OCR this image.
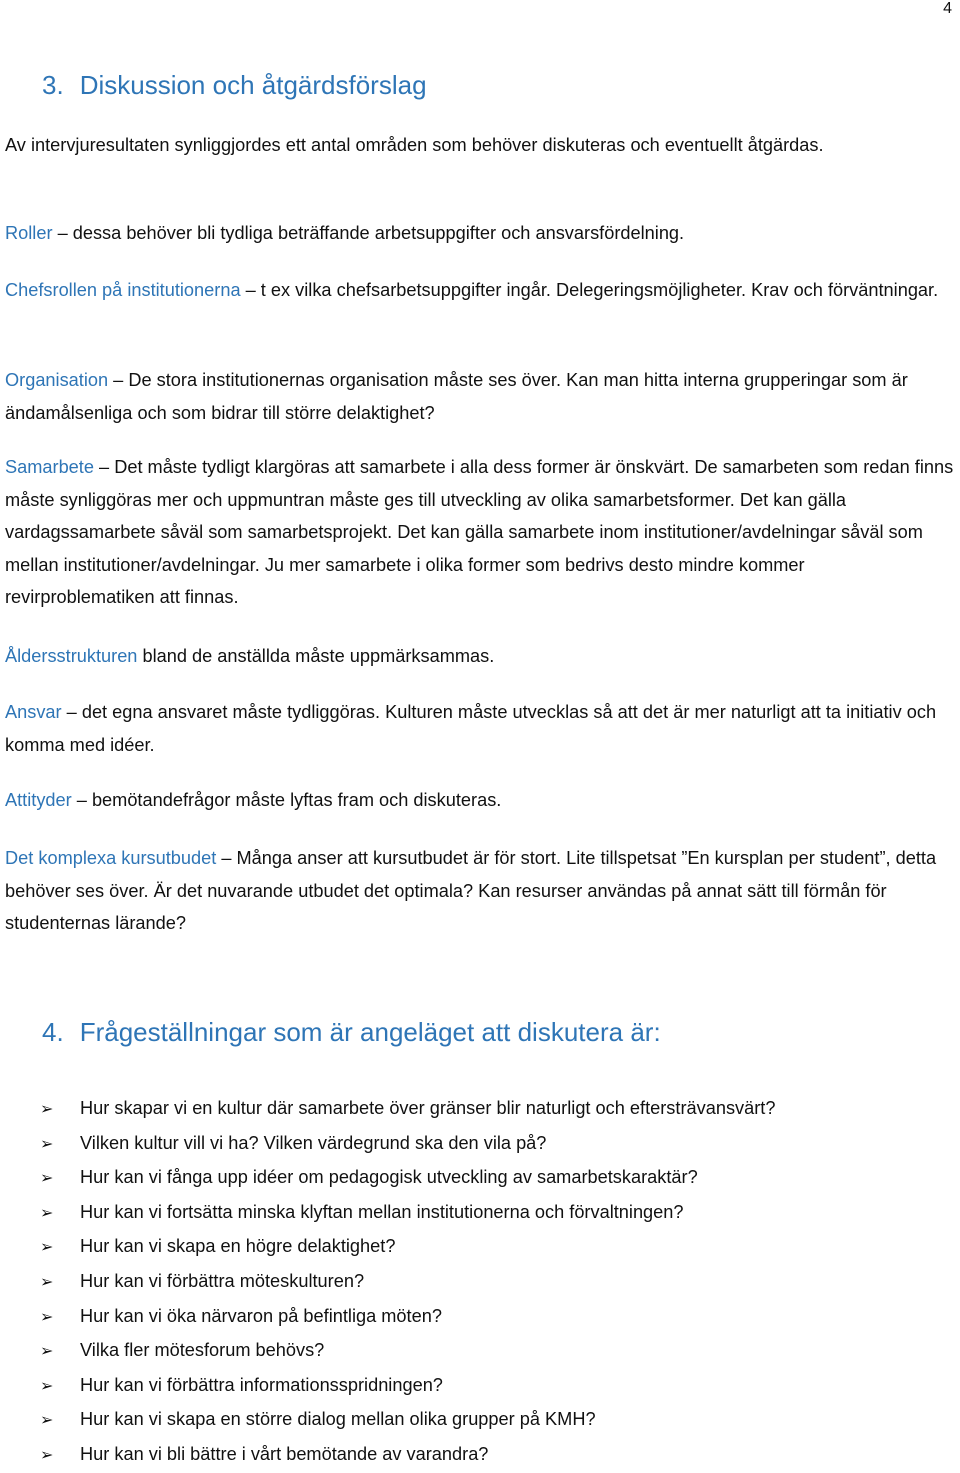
4
3. Diskussion och åtgärdsförslag

Av intervjuresultaten synliggjordes ett antal områden som behöver diskuteras och eventuellt åtgärdas.

Roller – dessa behöver bli tydliga beträffande arbetsuppgifter och ansvarsfördelning.

Chefsrollen på institutionerna – t ex vilka chefsarbetsuppgifter ingår. Delegeringsmöjligheter. Krav och förväntningar.

Organisation – De stora institutionernas organisation måste ses över. Kan man hitta interna grupperingar som är ändamålsenliga och som bidrar till större delaktighet?

Samarbete – Det måste tydligt klargöras att samarbete i alla dess former är önskvärt. De samarbeten som redan finns måste synliggöras mer och uppmuntran måste ges till utveckling av olika samarbetsformer. Det kan gälla vardagssamarbete såväl som samarbetsprojekt. Det kan gälla samarbete inom institutioner/avdelningar såväl som mellan institutioner/avdelningar. Ju mer samarbete i olika former som bedrivs desto mindre kommer revirproblematiken att finnas.

Åldersstrukturen bland de anställda måste uppmärksammas.

Ansvar – det egna ansvaret måste tydliggöras. Kulturen måste utvecklas så att det är mer naturligt att ta initiativ och komma med idéer.

Attityder – bemötandefrågor måste lyftas fram och diskuteras.

Det komplexa kursutbudet – Många anser att kursutbudet är för stort. Lite tillspetsat ”En kursplan per student”, detta behöver ses över. Är det nuvarande utbudet det optimala? Kan resurser användas på annat sätt till förmån för studenternas lärande?

4. Frågeställningar som är angeläget att diskutera är:
➢ Hur skapar vi en kultur där samarbete över gränser blir naturligt och eftersträvansvärt?
➢ Vilken kultur vill vi ha? Vilken värdegrund ska den vila på?
➢ Hur kan vi fånga upp idéer om pedagogisk utveckling av samarbetskaraktär?
➢ Hur kan vi fortsätta minska klyftan mellan institutionerna och förvaltningen?
➢ Hur kan vi skapa en högre delaktighet?
➢ Hur kan vi förbättra möteskulturen?
➢ Hur kan vi öka närvaron på befintliga möten?
➢ Vilka fler mötesforum behövs?
➢ Hur kan vi förbättra informationsspridningen?
➢ Hur kan vi skapa en större dialog mellan olika grupper på KMH?
➢ Hur kan vi bli bättre i vårt bemötande av varandra?
